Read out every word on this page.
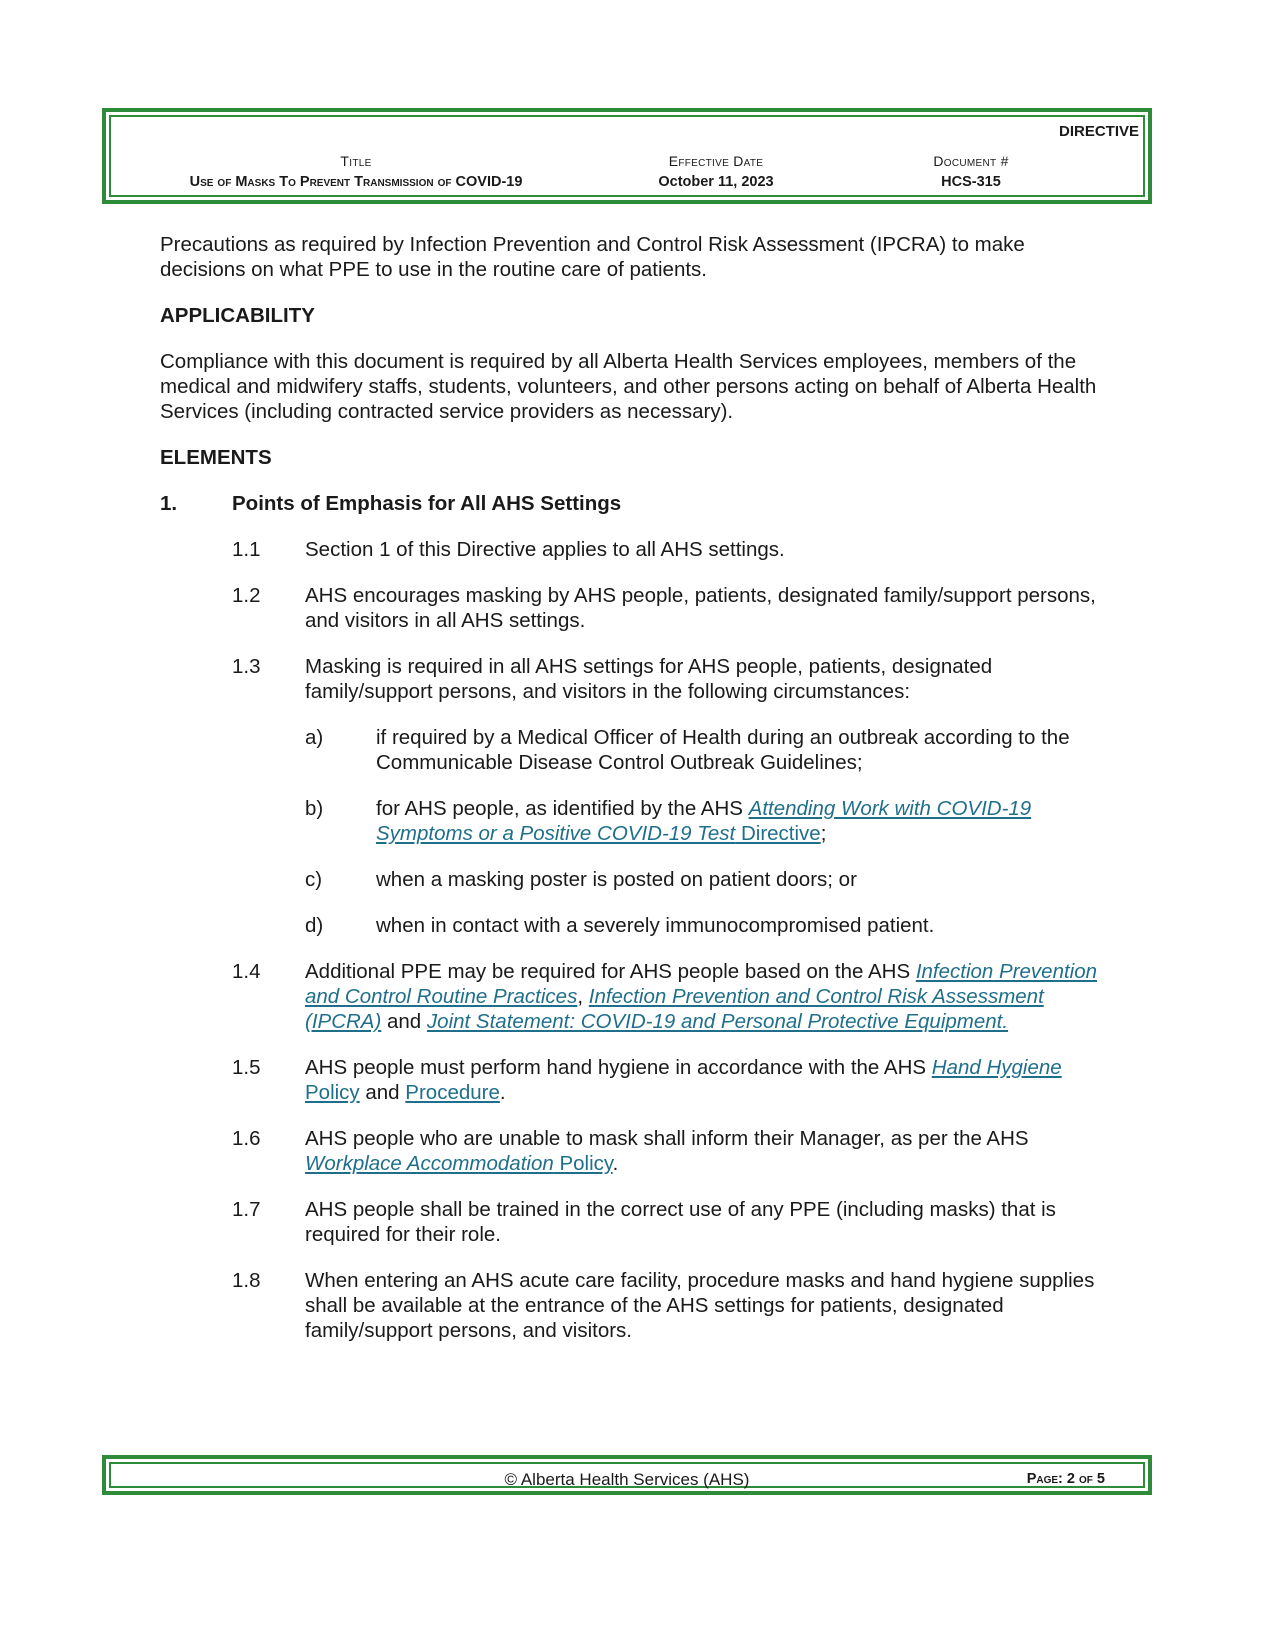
DIRECTIVE
Title
Use of Masks To Prevent Transmission of COVID-19
Effective Date
October 11, 2023
Document #
HCS-315

Precautions as required by Infection Prevention and Control Risk Assessment (IPCRA) to make decisions on what PPE to use in the routine care of patients.

APPLICABILITY

Compliance with this document is required by all Alberta Health Services employees, members of the medical and midwifery staffs, students, volunteers, and other persons acting on behalf of Alberta Health Services (including contracted service providers as necessary).

ELEMENTS

1.	Points of Emphasis for All AHS Settings
1.1 Section 1 of this Directive applies to all AHS settings.
1.2 AHS encourages masking by AHS people, patients, designated family/support persons, and visitors in all AHS settings.
1.3 Masking is required in all AHS settings for AHS people, patients, designated family/support persons, and visitors in the following circumstances:
a)	if required by a Medical Officer of Health during an outbreak according to the Communicable Disease Control Outbreak Guidelines;
b)	for AHS people, as identified by the AHS Attending Work with COVID-19 Symptoms or a Positive COVID-19 Test Directive;
c)	when a masking poster is posted on patient doors; or
d)	when in contact with a severely immunocompromised patient.
1.4 Additional PPE may be required for AHS people based on the AHS Infection Prevention and Control Routine Practices, Infection Prevention and Control Risk Assessment (IPCRA) and Joint Statement: COVID-19 and Personal Protective Equipment.
1.5 AHS people must perform hand hygiene in accordance with the AHS Hand Hygiene Policy and Procedure.
1.6 AHS people who are unable to mask shall inform their Manager, as per the AHS Workplace Accommodation Policy.
1.7 AHS people shall be trained in the correct use of any PPE (including masks) that is required for their role.
1.8 When entering an AHS acute care facility, procedure masks and hand hygiene supplies shall be available at the entrance of the AHS settings for patients, designated family/support persons, and visitors.
© Alberta Health Services (AHS)	Page: 2 of 5
